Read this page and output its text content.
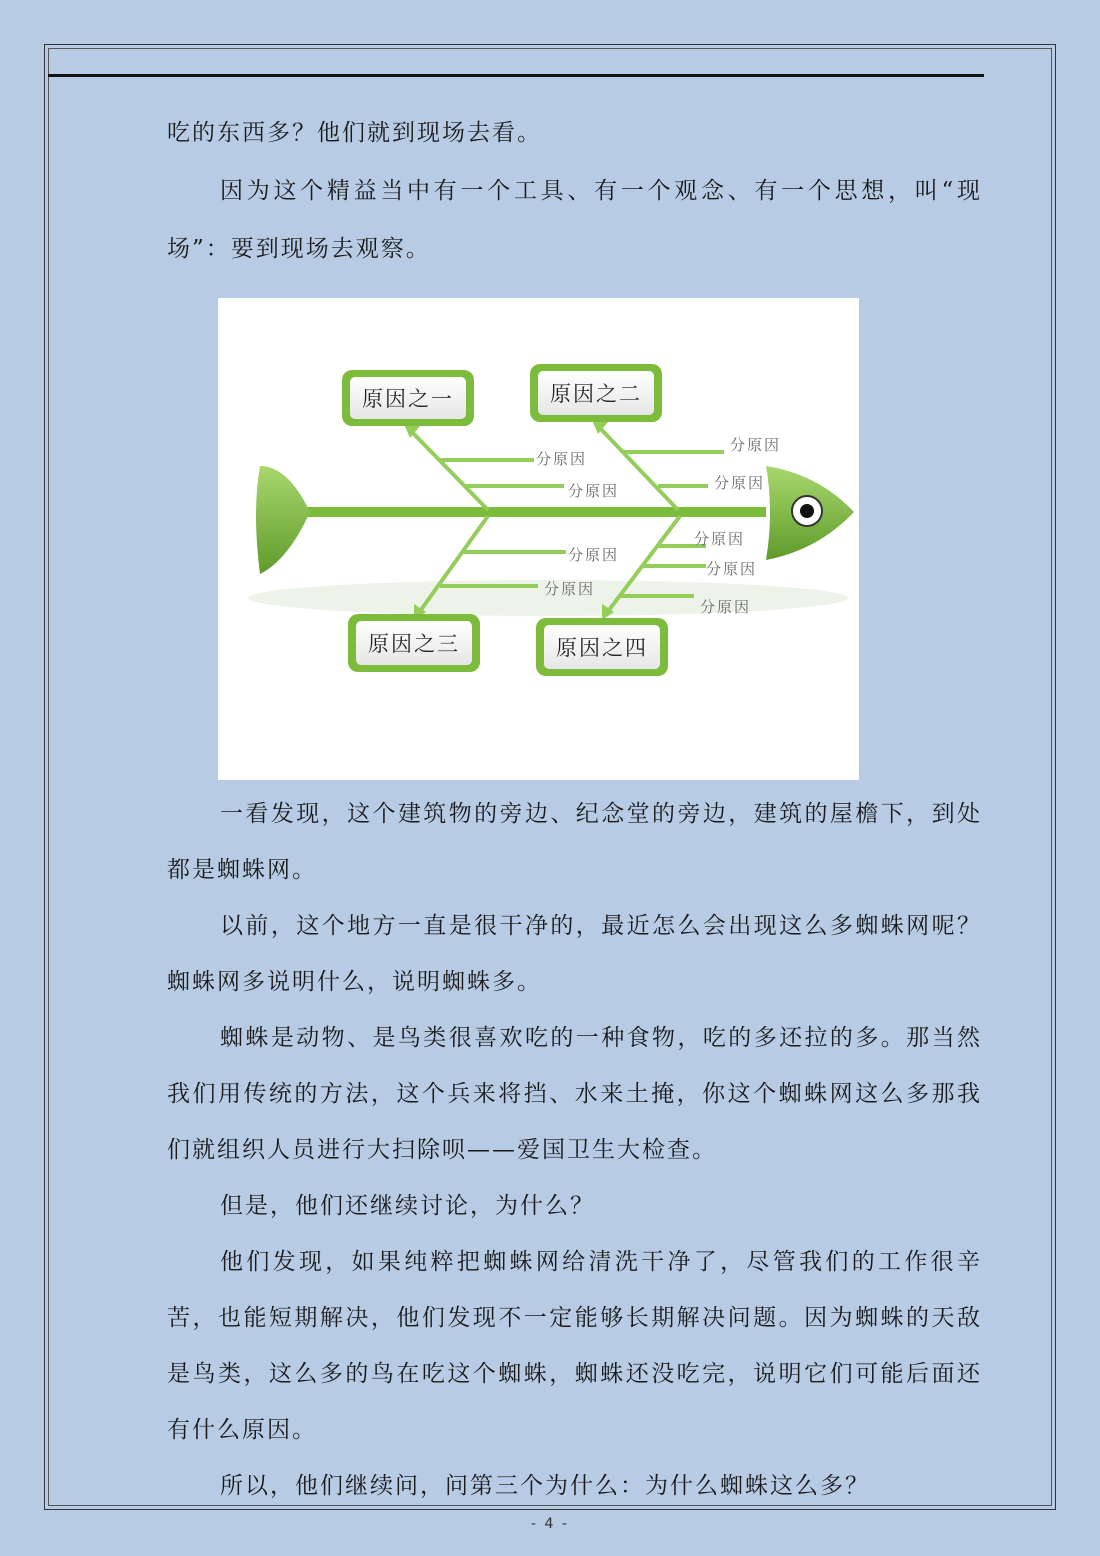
吃的东西多？他们就到现场去看。

因为这个精益当中有一个工具、有一个观念、有一个思想，叫“现场”：要到现场去观察。

分原因
分原因
分原因
分原因
分原因
分原因
分原因
分原因
分原因
原因之一	原因之二
原因之三	原因之四

一看发现，这个建筑物的旁边、纪念堂的旁边，建筑的屋檐下，到处都是蜘蛛网。

以前，这个地方一直是很干净的，最近怎么会出现这么多蜘蛛网呢？蜘蛛网多说明什么，说明蜘蛛多。

蜘蛛是动物、是鸟类很喜欢吃的一种食物，吃的多还拉的多。那当然我们用传统的方法，这个兵来将挡、水来土掩，你这个蜘蛛网这么多那我们就组织人员进行大扫除呗——爱国卫生大检查。

但是，他们还继续讨论，为什么？

他们发现，如果纯粹把蜘蛛网给清洗干净了，尽管我们的工作很辛苦，也能短期解决，他们发现不一定能够长期解决问题。因为蜘蛛的天敌是鸟类，这么多的鸟在吃这个蜘蛛，蜘蛛还没吃完，说明它们可能后面还有什么原因。

所以，他们继续问，问第三个为什么：为什么蜘蛛这么多？

- 4 -
